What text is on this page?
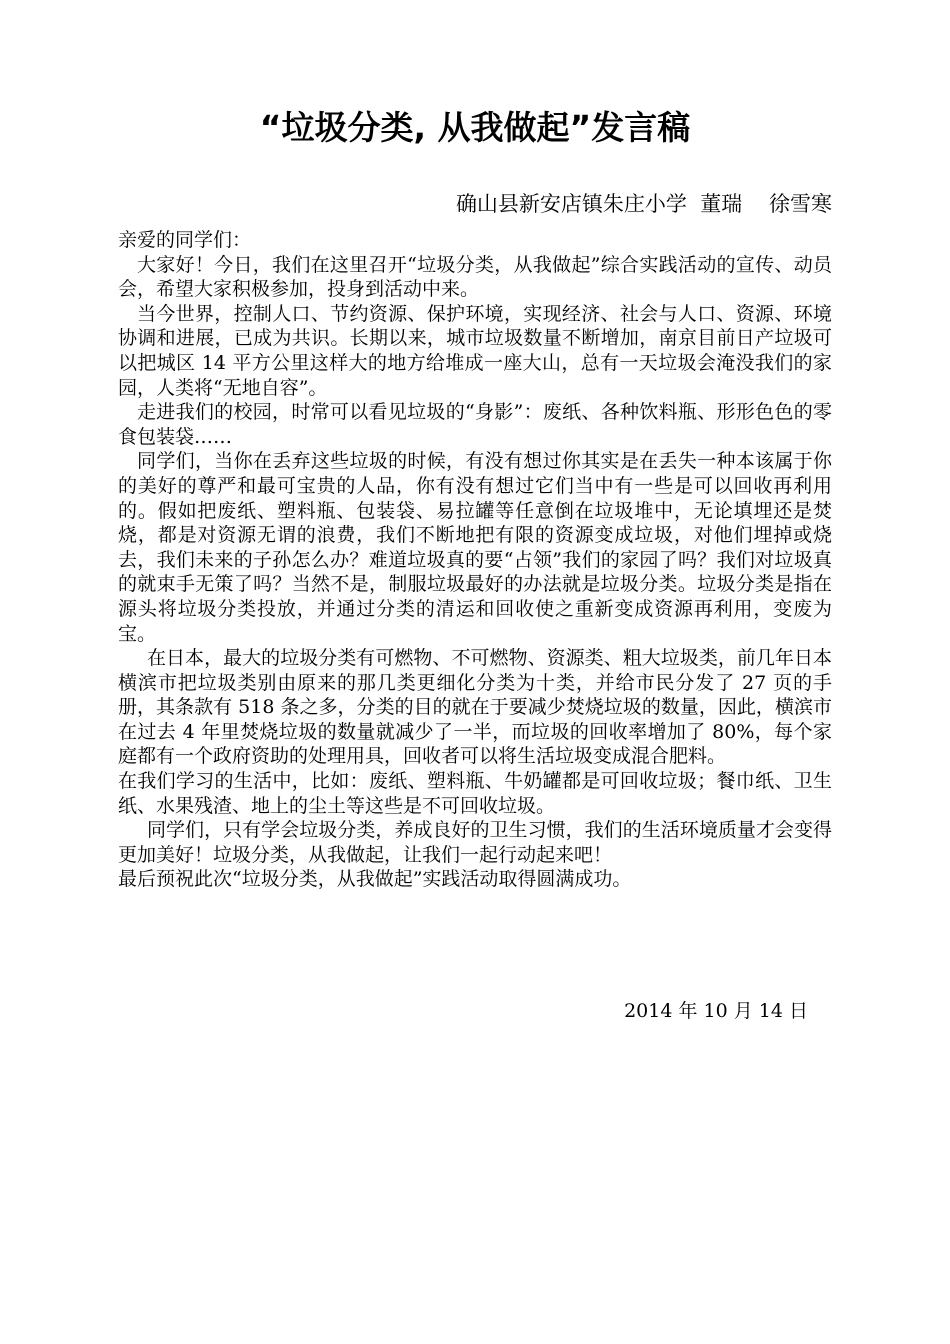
“垃圾分类, 从我做起”发言稿
确山县新安店镇朱庄小学  董瑞    徐雪寒

亲爱的同学们：

大家好！今日，我们在这里召开“垃圾分类，从我做起”综合实践活动的宣传、动员会，希望大家积极参加，投身到活动中来。

当今世界，控制人口、节约资源、保护环境，实现经济、社会与人口、资源、环境协调和进展，已成为共识。长期以来，城市垃圾数量不断增加，南京目前日产垃圾可以把城区 14 平方公里这样大的地方给堆成一座大山，总有一天垃圾会淹没我们的家园，人类将“无地自容”。

走进我们的校园，时常可以看见垃圾的“身影”：废纸、各种饮料瓶、形形色色的零食包装袋……

同学们，当你在丢弃这些垃圾的时候，有没有想过你其实是在丢失一种本该属于你的美好的尊严和最可宝贵的人品，你有没有想过它们当中有一些是可以回收再利用的。假如把废纸、塑料瓶、包装袋、易拉罐等任意倒在垃圾堆中，无论填埋还是焚烧，都是对资源无谓的浪费，我们不断地把有限的资源变成垃圾，对他们埋掉或烧去，我们未来的子孙怎么办？难道垃圾真的要“占领”我们的家园了吗？我们对垃圾真的就束手无策了吗？当然不是，制服垃圾最好的办法就是垃圾分类。垃圾分类是指在源头将垃圾分类投放，并通过分类的清运和回收使之重新变成资源再利用，变废为宝。

在日本，最大的垃圾分类有可燃物、不可燃物、资源类、粗大垃圾类，前几年日本横滨市把垃圾类别由原来的那几类更细化分类为十类，并给市民分发了 27 页的手册，其条款有 518 条之多，分类的目的就在于要减少焚烧垃圾的数量，因此，横滨市在过去 4 年里焚烧垃圾的数量就减少了一半，而垃圾的回收率增加了 80%，每个家庭都有一个政府资助的处理用具，回收者可以将生活垃圾变成混合肥料。

在我们学习的生活中，比如：废纸、塑料瓶、牛奶罐都是可回收垃圾；餐巾纸、卫生纸、水果残渣、地上的尘土等这些是不可回收垃圾。

同学们，只有学会垃圾分类，养成良好的卫生习惯，我们的生活环境质量才会变得更加美好！垃圾分类，从我做起，让我们一起行动起来吧！

最后预祝此次“垃圾分类，从我做起”实践活动取得圆满成功。

2014 年 10 月 14 日
